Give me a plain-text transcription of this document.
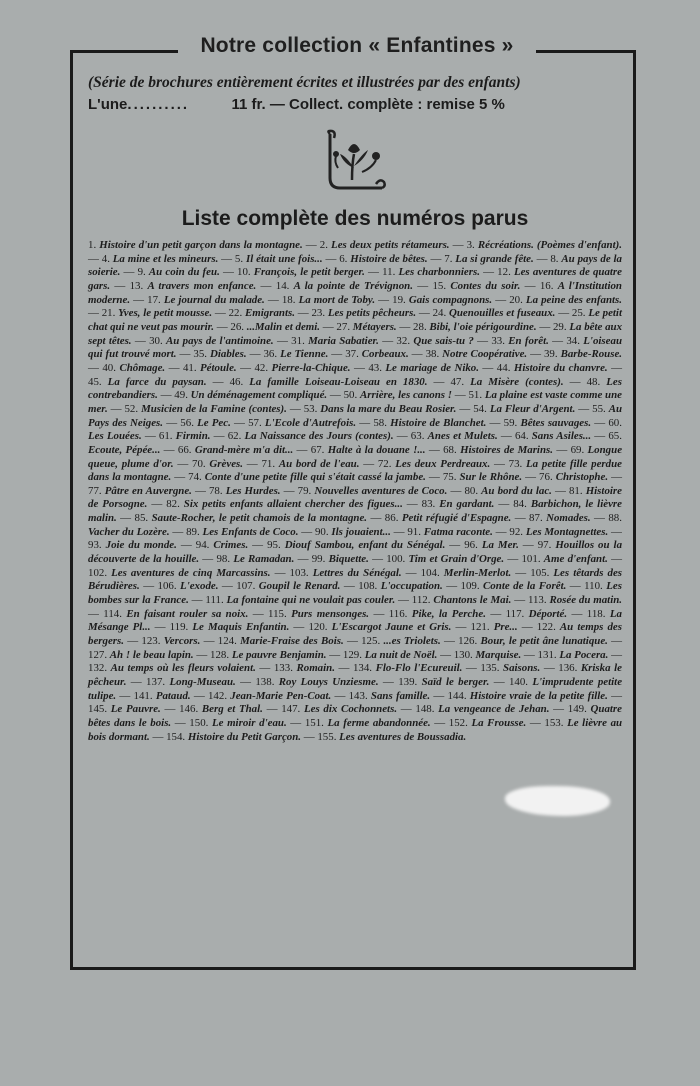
Notre collection « Enfantines »
(Série de brochures entièrement écrites et illustrées par des enfants)
L'une..........	11 fr. — Collect. complète : remise 5 %
Liste complète des numéros parus
1. Histoire d'un petit garçon dans la montagne. — 2. Les deux petits rétameurs. — 3. Récréations. (Poèmes d'enfant). — 4. La mine et les mineurs. — 5. Il était une fois... — 6. Histoire de bêtes. — 7. La si grande fête. — 8. Au pays de la soierie. — 9. Au coin du feu. — 10. François, le petit berger. — 11. Les charbonniers. — 12. Les aventures de quatre gars. — 13. A travers mon enfance. — 14. A la pointe de Trévignon. — 15. Contes du soir. — 16. A l'Institution moderne. — 17. Le journal du malade. — 18. La mort de Toby. — 19. Gais compagnons. — 20. La peine des enfants. — 21. Yves, le petit mousse. — 22. Emigrants. — 23. Les petits pêcheurs. — 24. Quenouilles et fuseaux. — 25. Le petit chat qui ne veut pas mourir. — 26. ...Malin et demi. — 27. Métayers. — 28. Bibi, l'oie périgourdine. — 29. La bête aux sept têtes. — 30. Au pays de l'antimoine. — 31. Maria Sabatier. — 32. Que sais-tu ? — 33. En forêt. — 34. L'oiseau qui fut trouvé mort. — 35. Diables. — 36. Le Tienne. — 37. Corbeaux. — 38. Notre Coopérative. — 39. Barbe-Rouse. — 40. Chômage. — 41. Pétoule. — 42. Pierre-la-Chique. — 43. Le mariage de Niko. — 44. Histoire du chanvre. — 45. La farce du paysan. — 46. La famille Loiseau-Loiseau en 1830. — 47. La Misère (contes). — 48. Les contrebandiers. — 49. Un déménagement compliqué. — 50. Arrière, les canons ! — 51. La plaine est vaste comme une mer. — 52. Musicien de la Famine (contes). — 53. Dans la mare du Beau Rosier. — 54. La Fleur d'Argent. — 55. Au Pays des Neiges. — 56. Le Pec. — 57. L'Ecole d'Autrefois. — 58. Histoire de Blanchet. — 59. Bêtes sauvages. — 60. Les Louées. — 61. Firmin. — 62. La Naissance des Jours (contes). — 63. Anes et Mulets. — 64. Sans Asiles... — 65. Ecoute, Pépée... — 66. Grand-mère m'a dit... — 67. Halte à la douane !... — 68. Histoires de Marins. — 69. Longue queue, plume d'or. — 70. Grèves. — 71. Au bord de l'eau. — 72. Les deux Perdreaux. — 73. La petite fille perdue dans la montagne. — 74. Conte d'une petite fille qui s'était cassé la jambe. — 75. Sur le Rhône. — 76. Christophe. — 77. Pâtre en Auvergne. — 78. Les Hurdes. — 79. Nouvelles aventures de Coco. — 80. Au bord du lac. — 81. Histoire de Porsogne. — 82. Six petits enfants allaient chercher des figues... — 83. En gardant. — 84. Barbichon, le lièvre malin. — 85. Saute-Rocher, le petit chamois de la montagne. — 86. Petit réfugié d'Espagne. — 87. Nomades. — 88. Vacher du Lozère. — 89. Les Enfants de Coco. — 90. Ils jouaient... — 91. Fatma raconte. — 92. Les Montagnettes. — 93. Joie du monde. — 94. Crimes. — 95. Diouf Sambou, enfant du Sénégal. — 96. La Mer. — 97. Houillos ou la découverte de la houille. — 98. Le Ramadan. — 99. Biquette. — 100. Tim et Grain d'Orge. — 101. Ame d'enfant. — 102. Les aventures de cinq Marcassins. — 103. Lettres du Sénégal. — 104. Merlin-Merlot. — 105. Les têtards des Bérudières. — 106. L'exode. — 107. Goupil le Renard. — 108. L'occupation. — 109. Conte de la Forêt. — 110. Les bombes sur la France. — 111. La fontaine qui ne voulait pas couler. — 112. Chantons le Mai. — 113. Rosée du matin. — 114. En faisant rouler sa noix. — 115. Purs mensonges. — 116. Pike, la Perche. — 117. Déporté. — 118. La Mésange Pl... — 119. Le Maquis Enfantin. — 120. L'Escargot Jaune et Gris. — 121. Pre... — 122. Au temps des bergers. — 123. Vercors. — 124. Marie-Fraise des Bois. — 125. ...es Triolets. — 126. Bour, le petit âne lunatique. — 127. Ah ! le beau lapin. — 128. Le pauvre Benjamin. — 129. La nuit de Noël. — 130. Marquise. — 131. La Pocera. — 132. Au temps où les fleurs volaient. — 133. Romain. — 134. Flo-Flo l'Ecureuil. — 135. Saisons. — 136. Kriska le pêcheur. — 137. Long-Museau. — 138. Roy Louys Unziesme. — 139. Saïd le berger. — 140. L'imprudente petite tulipe. — 141. Pataud. — 142. Jean-Marie Pen-Coat. — 143. Sans famille. — 144. Histoire vraie de la petite fille. — 145. Le Pauvre. — 146. Berg et Thal. — 147. Les dix Cochonnets. — 148. La vengeance de Jehan. — 149. Quatre bêtes dans le bois. — 150. Le miroir d'eau. — 151. La ferme abandonnée. — 152. La Frousse. — 153. Le lièvre au bois dormant. — 154. Histoire du Petit Garçon. — 155. Les aventures de Boussadia.
